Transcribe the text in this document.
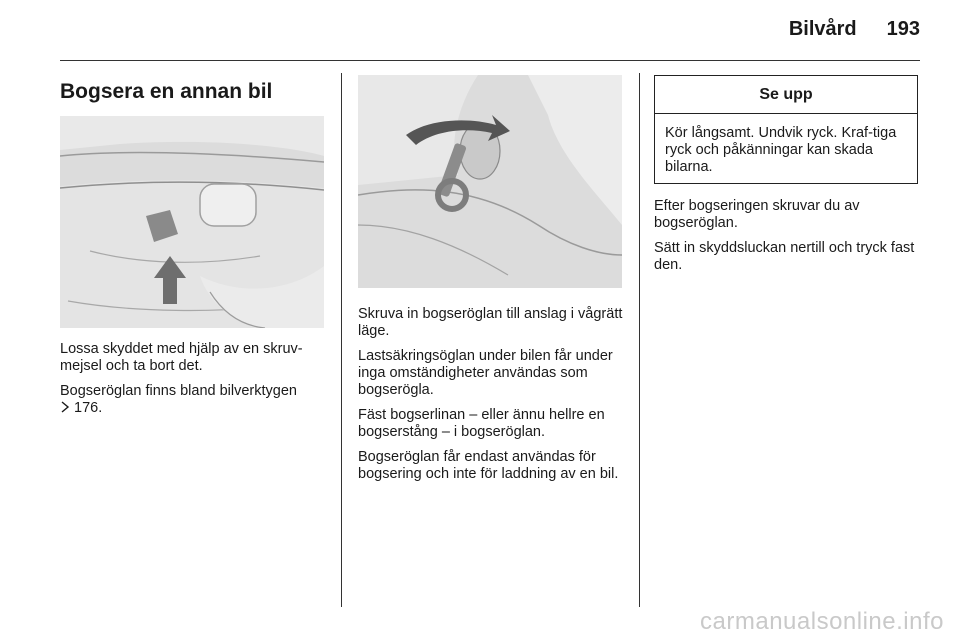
Bilvård 193
Bogsera en annan bil

Lossa skyddet med hjälp av en skruv-mejsel och ta bort det.

Bogseröglan finns bland bilverktygen
176.

Skruva in bogseröglan till anslag i vågrätt läge.

Lastsäkringsöglan under bilen får under inga omständigheter användas som bogserögla.

Fäst bogserlinan – eller ännu hellre en bogserstång – i bogseröglan.

Bogseröglan får endast användas för bogsering och inte för laddning av en bil.

Se upp

Kör långsamt. Undvik ryck. Kraf-tiga ryck och påkänningar kan skada bilarna.

Efter bogseringen skruvar du av bogseröglan.

Sätt in skyddsluckan nertill och tryck fast den.

carmanualsonline.info
